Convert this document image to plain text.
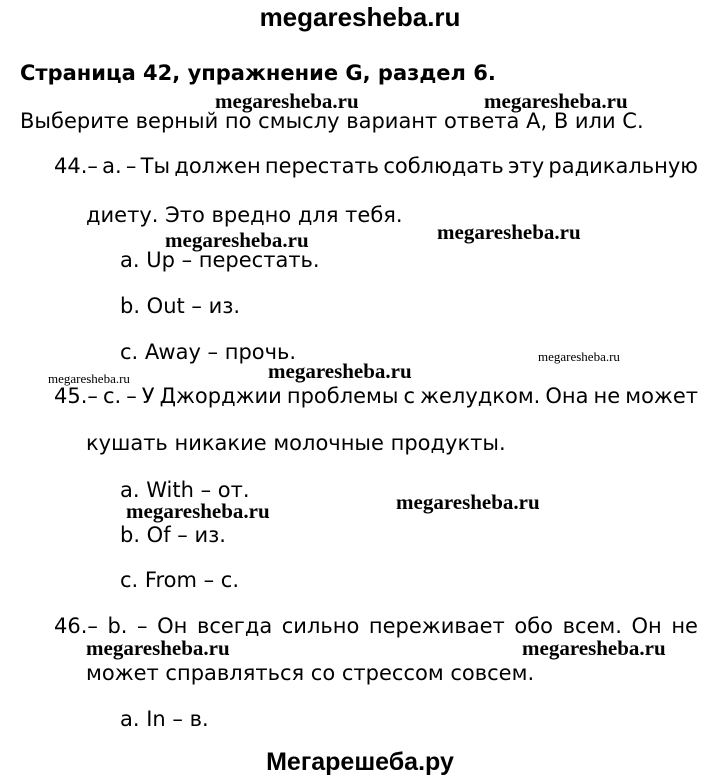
megaresheba.ru
Страница 42, упражнение G, раздел 6.
Выберите верный по смыслу вариант ответа А, В или С.
44.– a. – Ты должен перестать соблюдать эту радикальную
диету. Это вредно для тебя.
a. Up – перестать.
b. Out – из.
c. Away – прочь.
45.– c. – У Джорджии проблемы с желудком. Она не может
кушать никакие молочные продукты.
a. With – от.
b. Of – из.
c. From – с.
46.– b. – Он всегда сильно переживает обо всем. Он не
может справляться со стрессом совсем.
a. In – в.
megaresheba.ru	megaresheba.ru
megaresheba.ru	megaresheba.ru
megaresheba.ru
megaresheba.ru
megaresheba.ru
megaresheba.ru
megaresheba.ru
megaresheba.ru	megaresheba.ru
Мегарешеба.ру
